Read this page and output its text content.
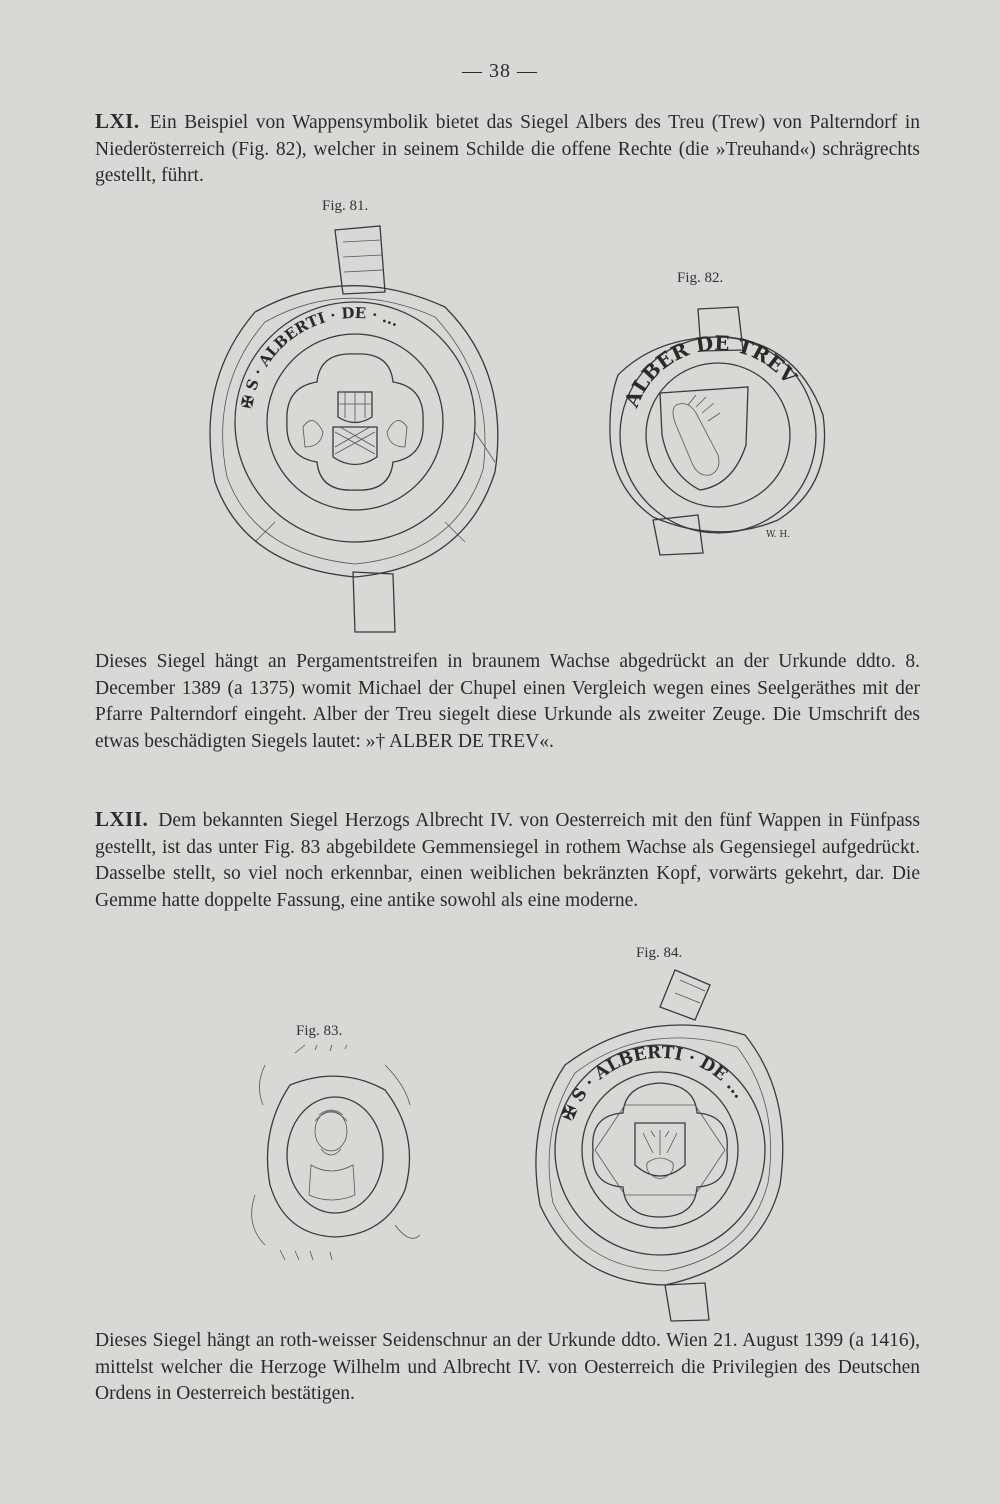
— 38 —
LXI. Ein Beispiel von Wappensymbolik bietet das Siegel Albers des Treu (Trew) von Palterndorf in Niederösterreich (Fig. 82), welcher in seinem Schilde die offene Rechte (die »Treuhand«) schrägrechts gestellt, führt.
Fig. 81.
✠ S · ALBERTI · DE · ...
Fig. 82.
ALBER DE TREV
W. H.
Dieses Siegel hängt an Pergamentstreifen in braunem Wachse abgedrückt an der Urkunde ddto. 8. December 1389 (a 1375) womit Michael der Chupel einen Vergleich wegen eines Seelgeräthes mit der Pfarre Palterndorf eingeht. Alber der Treu siegelt diese Urkunde als zweiter Zeuge. Die Umschrift des etwas beschädigten Siegels lautet: »† ALBER DE TREV«.
LXII. Dem bekannten Siegel Herzogs Albrecht IV. von Oesterreich mit den fünf Wappen in Fünfpass gestellt, ist das unter Fig. 83 abgebildete Gemmensiegel in rothem Wachse als Gegensiegel aufgedrückt. Dasselbe stellt, so viel noch erkennbar, einen weiblichen bekränzten Kopf, vorwärts gekehrt, dar. Die Gemme hatte doppelte Fassung, eine antike sowohl als eine moderne.
Fig. 84.
Fig. 83.
✠ S · ALBERTI · DE ...
Dieses Siegel hängt an roth-weisser Seidenschnur an der Urkunde ddto. Wien 21. August 1399 (a 1416), mittelst welcher die Herzoge Wilhelm und Albrecht IV. von Oesterreich die Privilegien des Deutschen Ordens in Oesterreich bestätigen.
